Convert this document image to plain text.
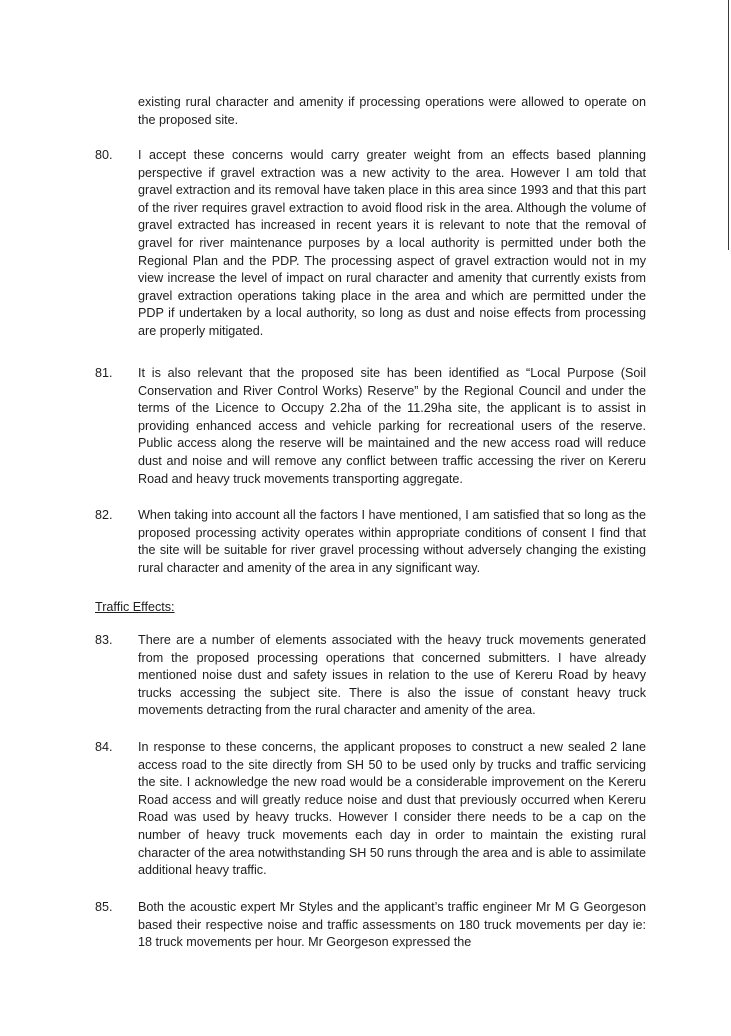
existing rural character and amenity if processing operations were allowed to operate on the proposed site.

80. I accept these concerns would carry greater weight from an effects based planning perspective if gravel extraction was a new activity to the area. However I am told that gravel extraction and its removal have taken place in this area since 1993 and that this part of the river requires gravel extraction to avoid flood risk in the area. Although the volume of gravel extracted has increased in recent years it is relevant to note that the removal of gravel for river maintenance purposes by a local authority is permitted under both the Regional Plan and the PDP. The processing aspect of gravel extraction would not in my view increase the level of impact on rural character and amenity that currently exists from gravel extraction operations taking place in the area and which are permitted under the PDP if undertaken by a local authority, so long as dust and noise effects from processing are properly mitigated.

81. It is also relevant that the proposed site has been identified as “Local Purpose (Soil Conservation and River Control Works) Reserve” by the Regional Council and under the terms of the Licence to Occupy 2.2ha of the 11.29ha site, the applicant is to assist in providing enhanced access and vehicle parking for recreational users of the reserve. Public access along the reserve will be maintained and the new access road will reduce dust and noise and will remove any conflict between traffic accessing the river on Kereru Road and heavy truck movements transporting aggregate.

82. When taking into account all the factors I have mentioned, I am satisfied that so long as the proposed processing activity operates within appropriate conditions of consent I find that the site will be suitable for river gravel processing without adversely changing the existing rural character and amenity of the area in any significant way.

Traffic Effects:

83. There are a number of elements associated with the heavy truck movements generated from the proposed processing operations that concerned submitters. I have already mentioned noise dust and safety issues in relation to the use of Kereru Road by heavy trucks accessing the subject site. There is also the issue of constant heavy truck movements detracting from the rural character and amenity of the area.

84. In response to these concerns, the applicant proposes to construct a new sealed 2 lane access road to the site directly from SH 50 to be used only by trucks and traffic servicing the site. I acknowledge the new road would be a considerable improvement on the Kereru Road access and will greatly reduce noise and dust that previously occurred when Kereru Road was used by heavy trucks. However I consider there needs to be a cap on the number of heavy truck movements each day in order to maintain the existing rural character of the area notwithstanding SH 50 runs through the area and is able to assimilate additional heavy traffic.

85. Both the acoustic expert Mr Styles and the applicant’s traffic engineer Mr M G Georgeson based their respective noise and traffic assessments on 180 truck movements per day ie: 18 truck movements per hour. Mr Georgeson expressed the
